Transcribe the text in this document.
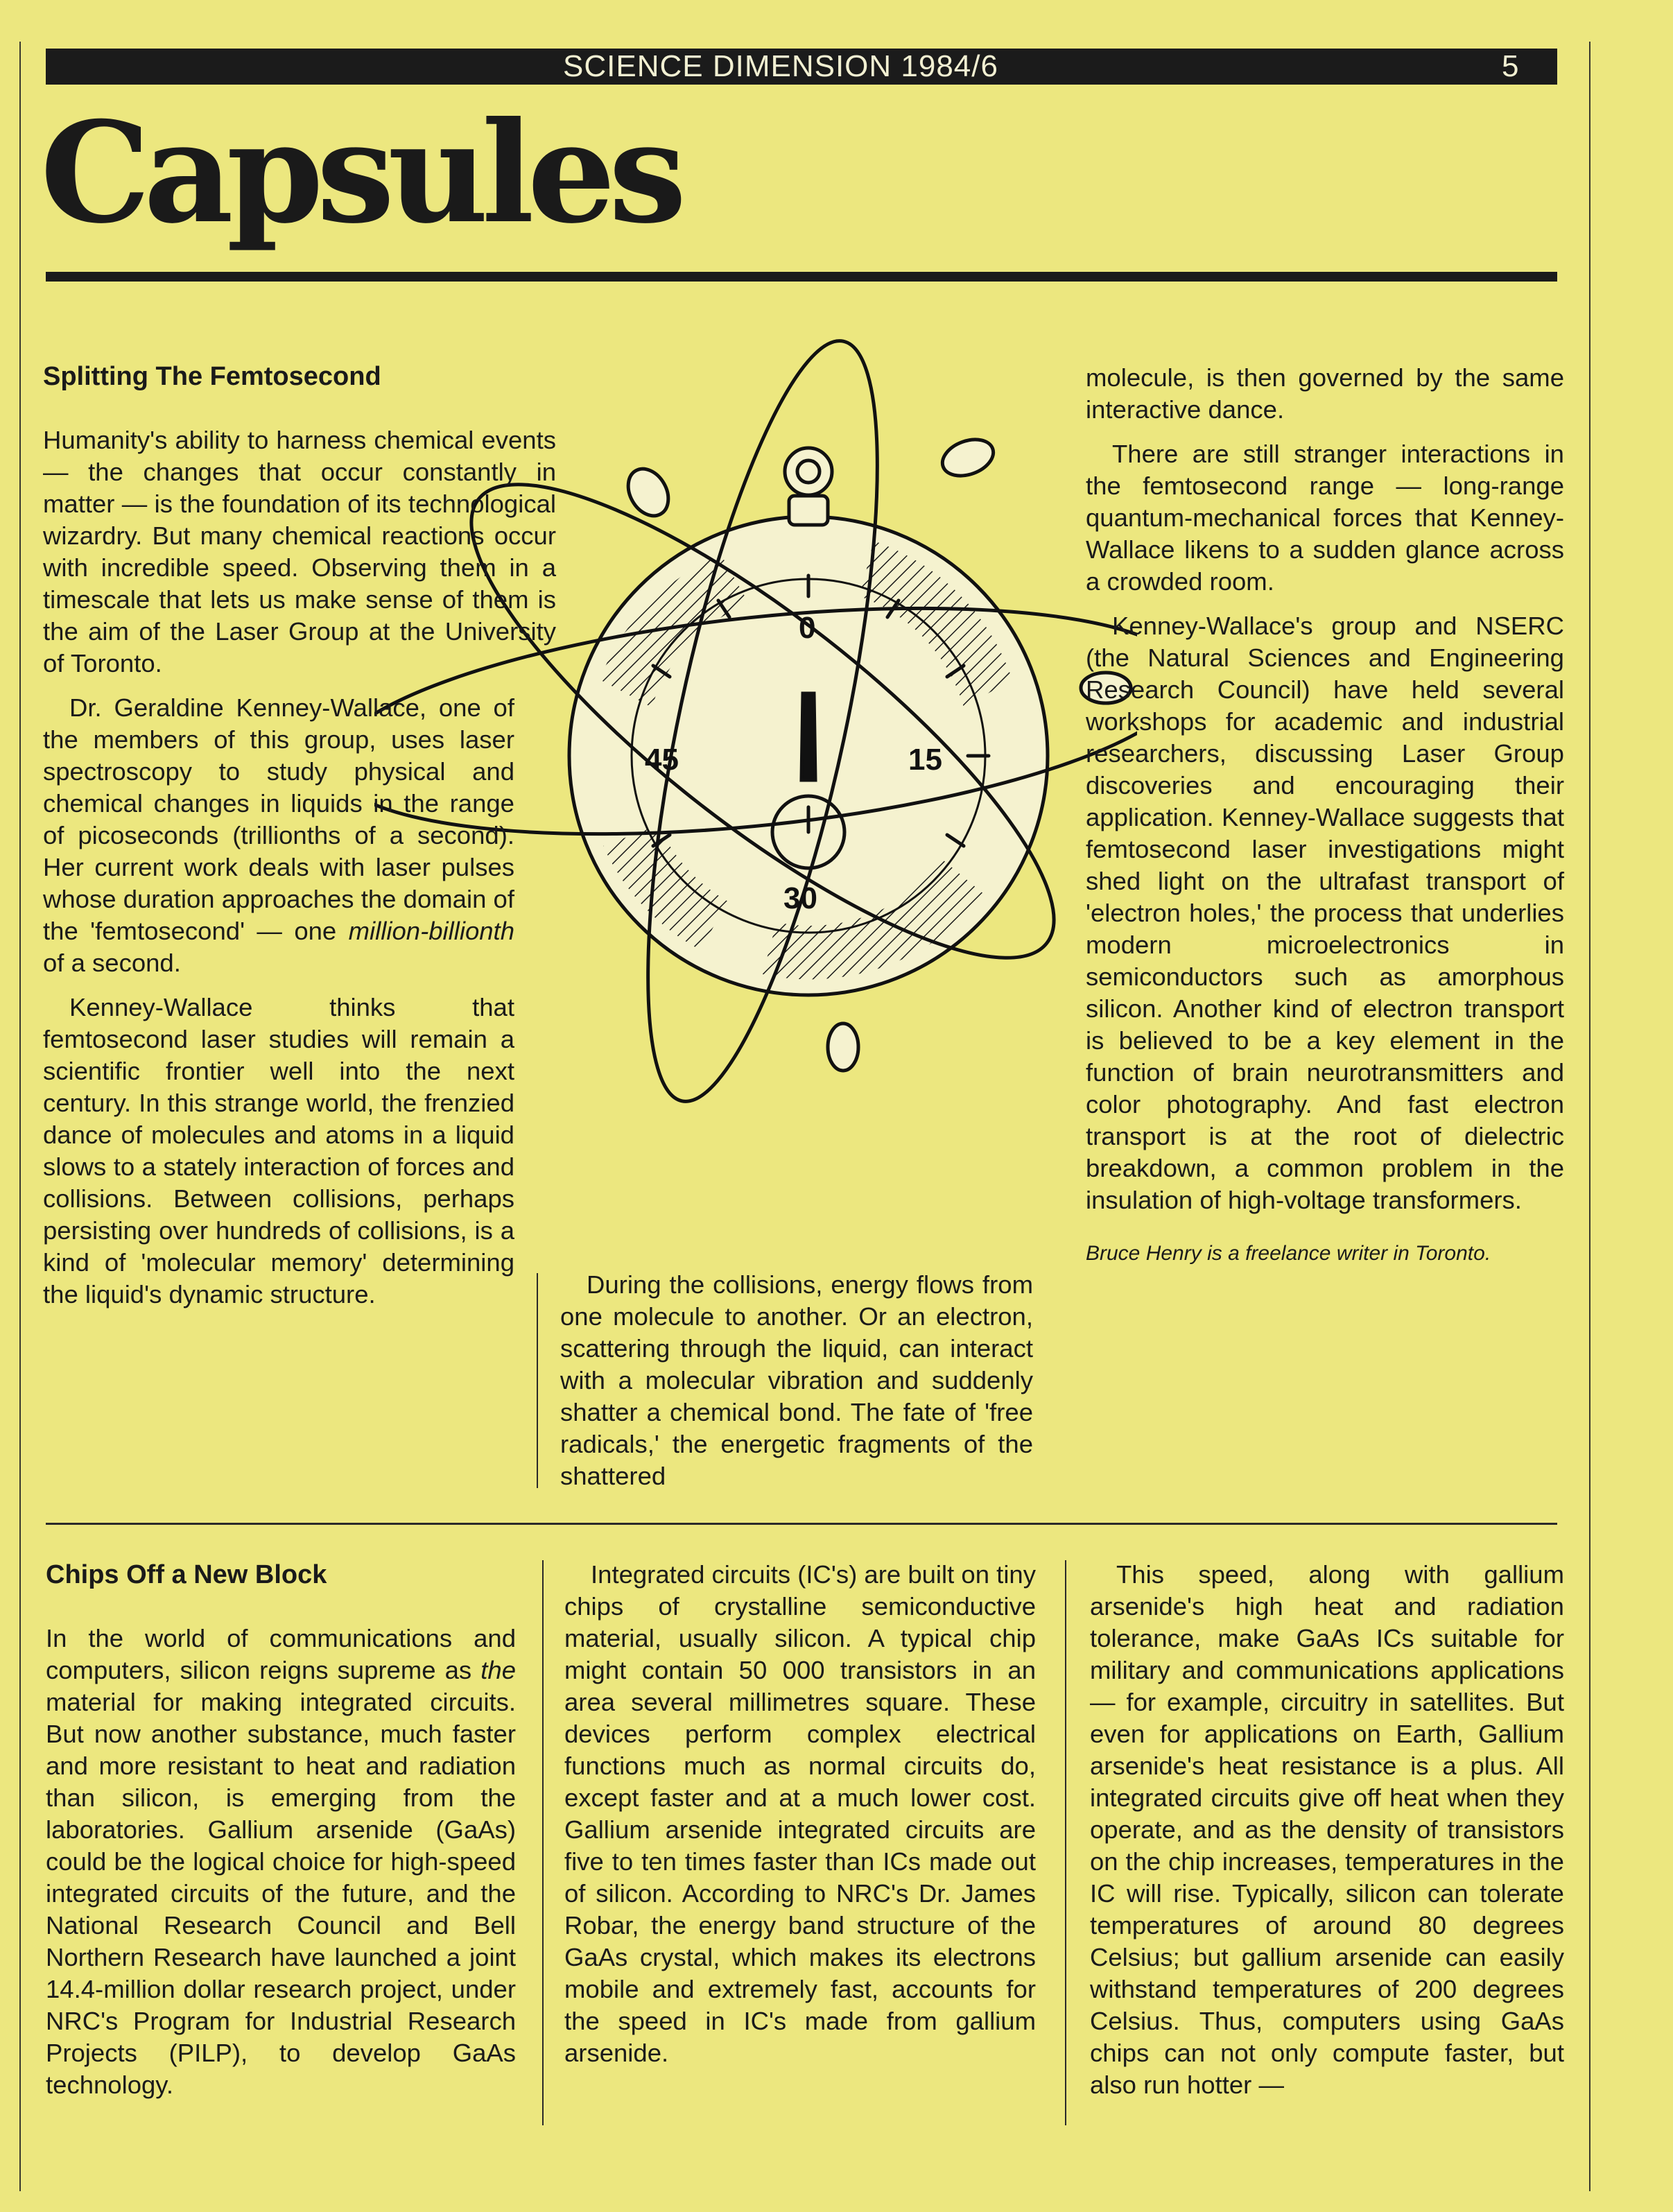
SCIENCE DIMENSION 1984/6	5
Capsules
0
15
30
45
Splitting The Femtosecond

Humanity's ability to harness chemical events — the changes that occur constantly in matter — is the foundation of its technological wizardry. But many chemical reactions occur with incredible speed. Observing them in a timescale that lets us make sense of them is the aim of the Laser Group at the University of Toronto.

Dr. Geraldine Kenney-Wallace, one of the members of this group, uses laser spectroscopy to study physical and chemical changes in liquids in the range of picoseconds (trillionths of a second). Her current work deals with laser pulses whose duration approaches the domain of the 'femtosecond' — one million-billionth of a second.

Kenney-Wallace thinks that femtosecond laser studies will remain a scientific frontier well into the next century. In this strange world, the frenzied dance of molecules and atoms in a liquid slows to a stately interaction of forces and collisions. Between collisions, perhaps persisting over hundreds of collisions, is a kind of 'molecular memory' determining the liquid's dynamic structure.	During the collisions, energy flows from one molecule to another. Or an electron, scattering through the liquid, can interact with a molecular vibration and suddenly shatter a chemical bond. The fate of 'free radicals,' the energetic fragments of the shattered

molecule, is then governed by the same interactive dance.

There are still stranger interactions in the femtosecond range — long-range quantum-mechanical forces that Kenney-Wallace likens to a sudden glance across a crowded room.

Kenney-Wallace's group and NSERC (the Natural Sciences and Engineering Research Council) have held several workshops for academic and industrial researchers, discussing Laser Group discoveries and encouraging their application. Kenney-Wallace suggests that femtosecond laser investigations might shed light on the ultrafast transport of 'electron holes,' the process that underlies modern microelectronics in semiconductors such as amorphous silicon. Another kind of electron transport is believed to be a key element in the function of brain neurotransmitters and color photography. And fast electron transport is at the root of dielectric breakdown, a common problem in the insulation of high-voltage transformers.

Bruce Henry is a freelance writer in Toronto.

Chips Off a New Block

In the world of communications and computers, silicon reigns supreme as the material for making integrated circuits. But now another substance, much faster and more resistant to heat and radiation than silicon, is emerging from the laboratories. Gallium arsenide (GaAs) could be the logical choice for high-speed integrated circuits of the future, and the National Research Council and Bell Northern Research have launched a joint 14.4-million dollar research project, under NRC's Program for Industrial Research Projects (PILP), to develop GaAs technology.

Integrated circuits (IC's) are built on tiny chips of crystalline semiconductive material, usually silicon. A typical chip might contain 50 000 transistors in an area several millimetres square. These devices perform complex electrical functions much as normal circuits do, except faster and at a much lower cost. Gallium arsenide integrated circuits are five to ten times faster than ICs made out of silicon. According to NRC's Dr. James Robar, the energy band structure of the GaAs crystal, which makes its electrons mobile and extremely fast, accounts for the speed in IC's made from gallium arsenide.

This speed, along with gallium arsenide's high heat and radiation tolerance, make GaAs ICs suitable for military and communications applications — for example, circuitry in satellites. But even for applications on Earth, Gallium arsenide's heat resistance is a plus. All integrated circuits give off heat when they operate, and as the density of transistors on the chip increases, temperatures in the IC will rise. Typically, silicon can tolerate temperatures of around 80 degrees Celsius; but gallium arsenide can easily withstand temperatures of 200 degrees Celsius. Thus, computers using GaAs chips can not only compute faster, but also run hotter —
